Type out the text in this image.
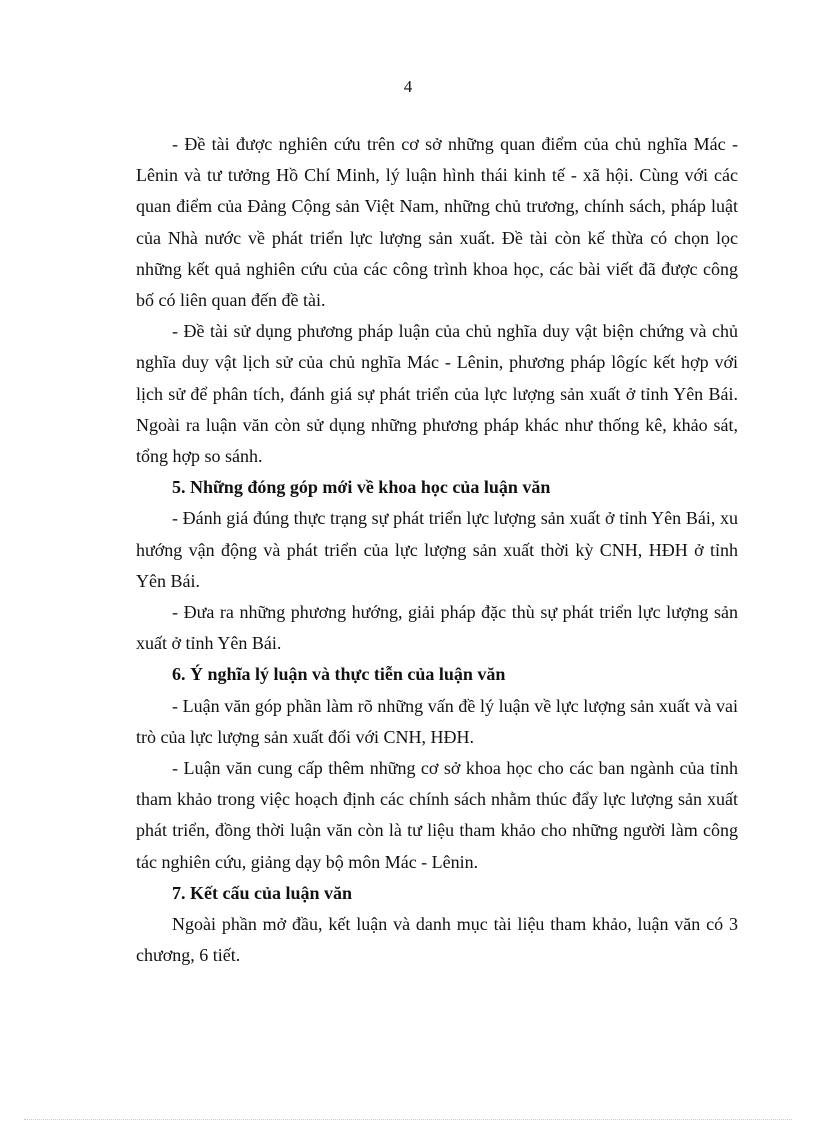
4

- Đề tài được nghiên cứu trên cơ sở những quan điểm của chủ nghĩa Mác - Lênin và tư tưởng Hồ Chí Minh, lý luận hình thái kinh tế - xã hội. Cùng với các quan điểm của Đảng Cộng sản Việt Nam, những chủ trương, chính sách, pháp luật của Nhà nước về phát triển lực lượng sản xuất. Đề tài còn kế thừa có chọn lọc những kết quả nghiên cứu của các công trình khoa học, các bài viết đã được công bố có liên quan đến đề tài.

- Đề tài sử dụng phương pháp luận của chủ nghĩa duy vật biện chứng và chủ nghĩa duy vật lịch sử của chủ nghĩa Mác - Lênin, phương pháp lôgíc kết hợp với lịch sử để phân tích, đánh giá sự phát triển của lực lượng sản xuất ở tỉnh Yên Bái. Ngoài ra luận văn còn sử dụng những phương pháp khác như thống kê, khảo sát, tổng hợp so sánh.

5. Những đóng góp mới về khoa học của luận văn

- Đánh giá đúng thực trạng sự phát triển lực lượng sản xuất ở tỉnh Yên Bái, xu hướng vận động và phát triển của lực lượng sản xuất thời kỳ CNH, HĐH ở tỉnh Yên Bái.

- Đưa ra những phương hướng, giải pháp đặc thù sự phát triển lực lượng sản xuất ở tỉnh Yên Bái.

6. Ý nghĩa lý luận và thực tiễn của luận văn

- Luận văn góp phần làm rõ những vấn đề lý luận về lực lượng sản xuất và vai trò của lực lượng sản xuất đối với CNH, HĐH.

- Luận văn cung cấp thêm những cơ sở khoa học cho các ban ngành của tỉnh tham khảo trong việc hoạch định các chính sách nhằm thúc đẩy lực lượng sản xuất phát triển, đồng thời luận văn còn là tư liệu tham khảo cho những người làm công tác nghiên cứu, giảng dạy bộ môn Mác - Lênin.

7. Kết cấu của luận văn

Ngoài phần mở đầu, kết luận và danh mục tài liệu tham khảo, luận văn có 3 chương, 6 tiết.
